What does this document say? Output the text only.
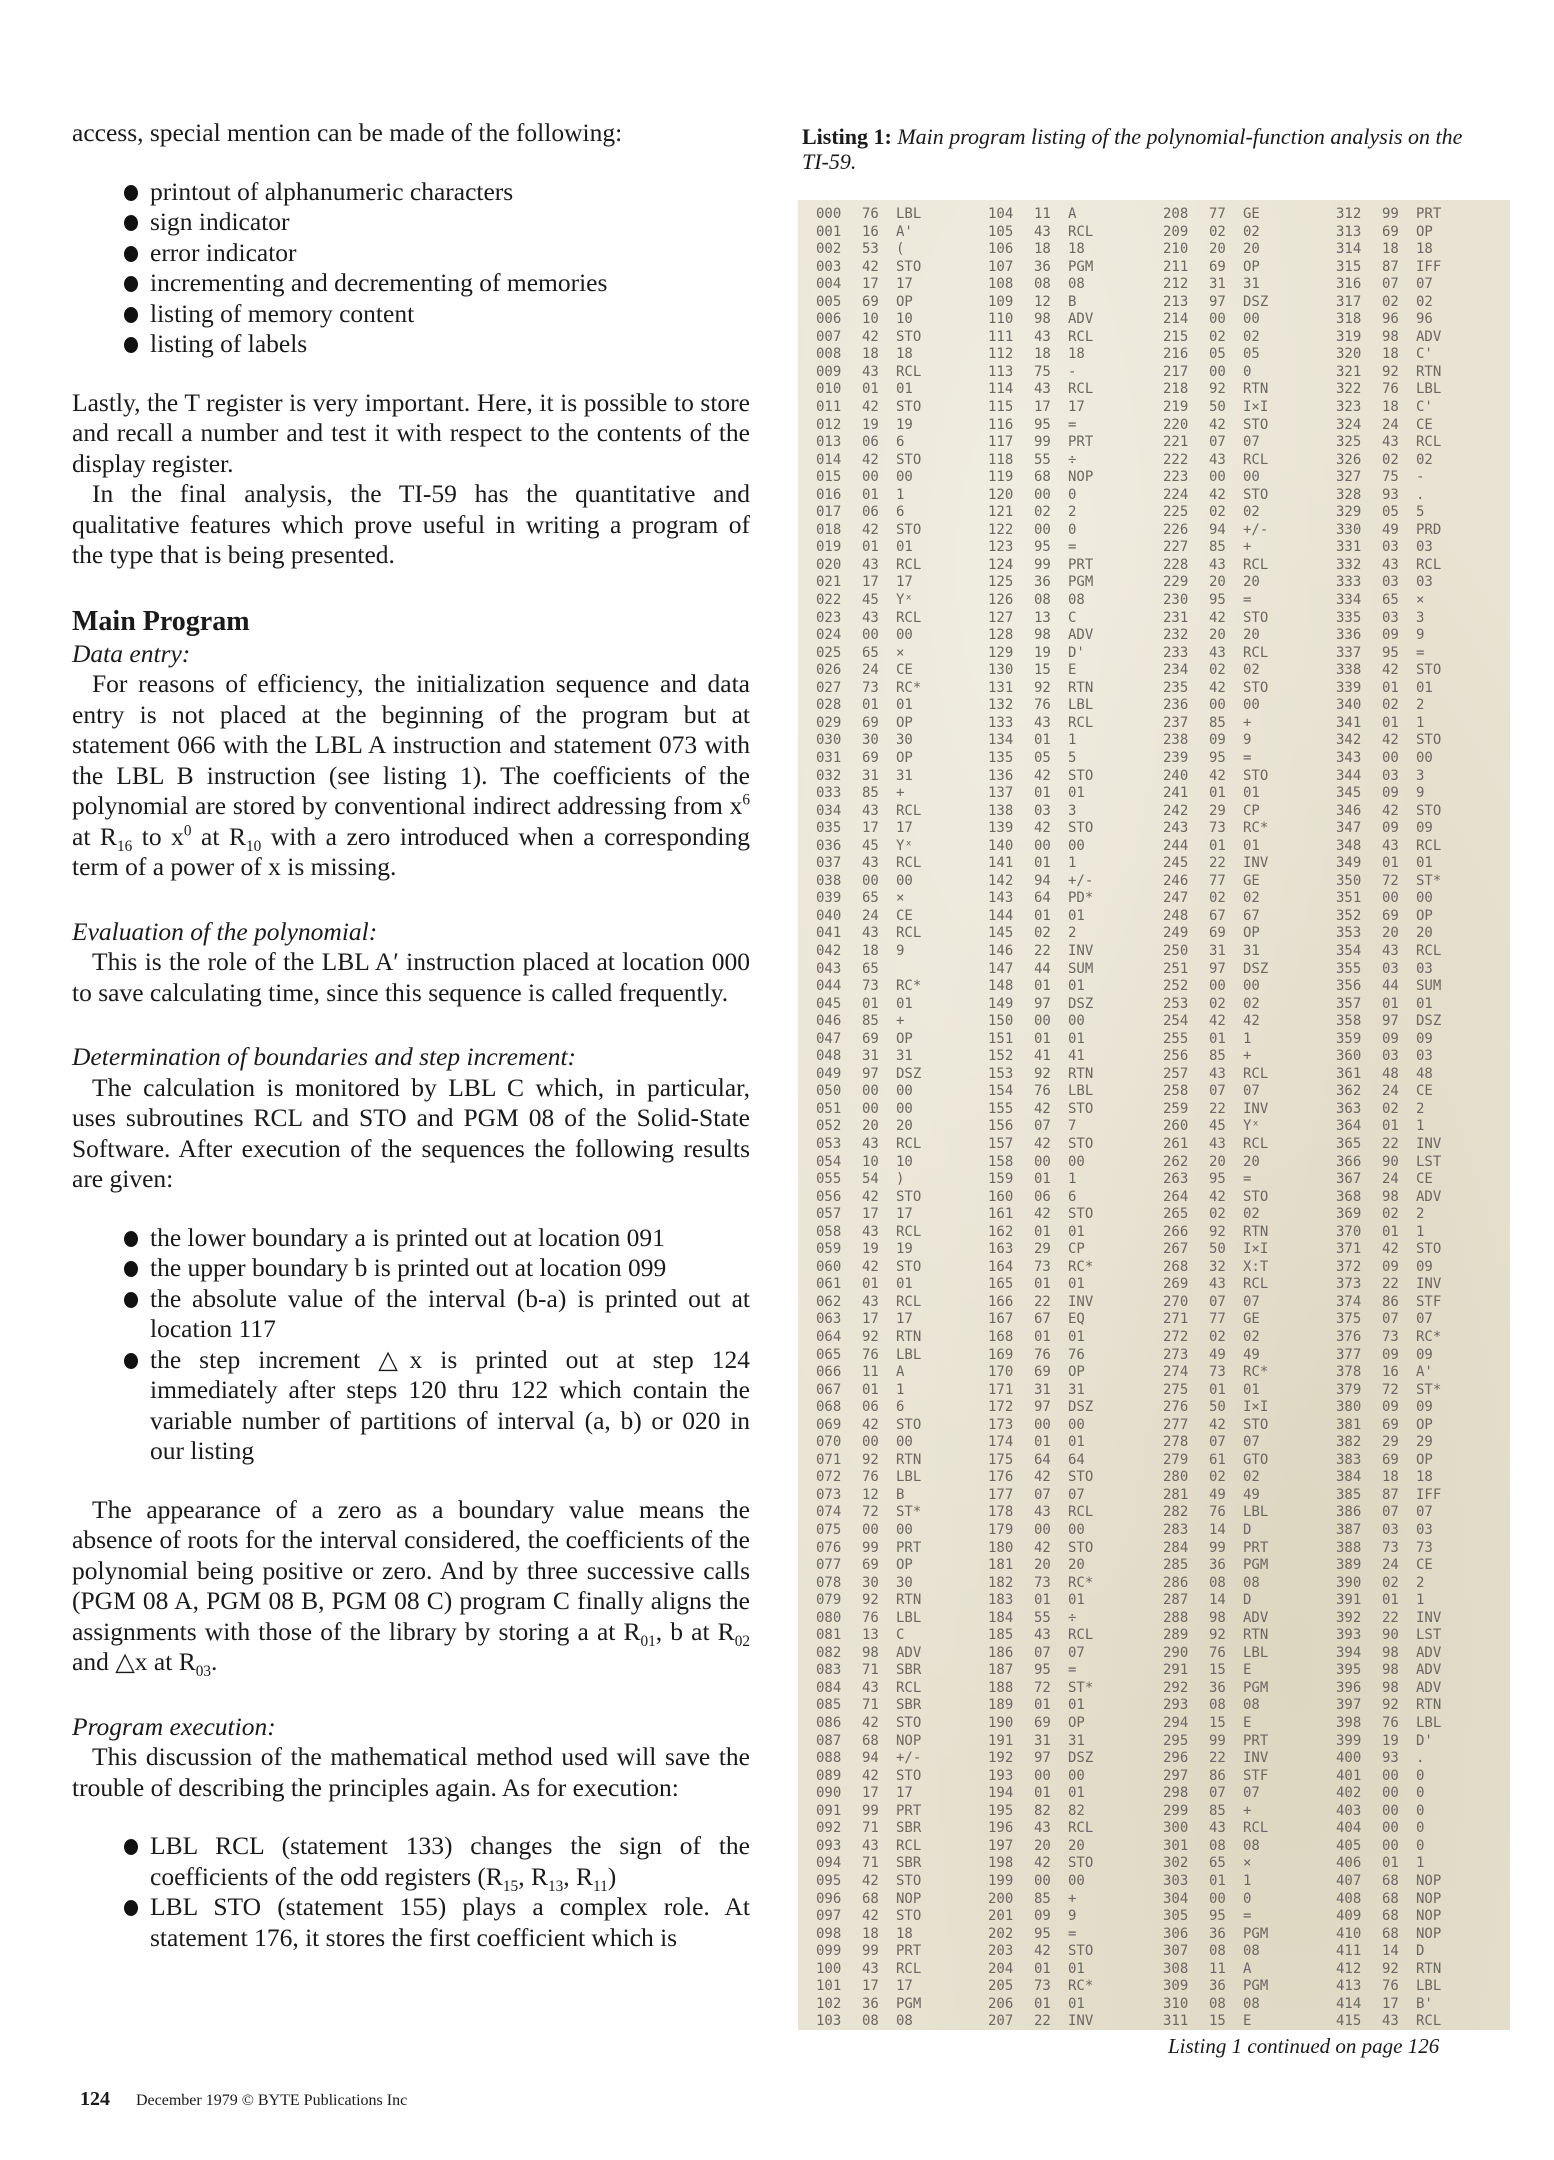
access, special mention can be made of the following:

printout of alphanumeric characters
sign indicator
error indicator
incrementing and decrementing of memories
listing of memory content
listing of labels

Lastly, the T register is very important. Here, it is possible to store and recall a number and test it with respect to the contents of the display register.

In the final analysis, the TI-59 has the quantitative and qualitative features which prove useful in writing a program of the type that is being presented.

Main Program

Data entry:

For reasons of efficiency, the initialization sequence and data entry is not placed at the beginning of the program but at statement 066 with the LBL A instruction and statement 073 with the LBL B instruction (see listing 1). The coefficients of the polynomial are stored by conventional indirect addressing from $x^6$ at $R_{16}$ to $x^0$ at $R_{10}$ with a zero introduced when a corresponding term of a power of x is missing.

Evaluation of the polynomial:

This is the role of the LBL A′ instruction placed at location 000 to save calculating time, since this sequence is called frequently.

Determination of boundaries and step increment:

The calculation is monitored by LBL C which, in particular, uses subroutines RCL and STO and PGM 08 of the Solid-State Software. After execution of the sequences the following results are given:

the lower boundary a is printed out at location 091
the upper boundary b is printed out at location 099
the absolute value of the interval (b-a) is printed out at location 117
the step increment △x is printed out at step 124 immediately after steps 120 thru 122 which contain the variable number of partitions of interval (a, b) or 020 in our listing

The appearance of a zero as a boundary value means the absence of roots for the interval considered, the coefficients of the polynomial being positive or zero. And by three successive calls (PGM 08 A, PGM 08 B, PGM 08 C) program C finally aligns the assignments with those of the library by storing a at $R_{01}$, b at $R_{02}$ and △x at $R_{03}$.

Program execution:

This discussion of the mathematical method used will save the trouble of describing the principles again. As for execution:

LBL RCL (statement 133) changes the sign of the coefficients of the odd registers ($R_{15}$, $R_{13}$, $R_{11}$)
LBL STO (statement 155) plays a complex role. At statement 176, it stores the first coefficient which is

Listing 1: Main program listing of the polynomial-function analysis on the TI-59.

000	76	LBL
001	16	A'
002	53	(
003	42	STO
004	17	17
005	69	OP
006	10	10
007	42	STO
008	18	18
009	43	RCL
010	01	01
011	42	STO
012	19	19
013	06	6
014	42	STO
015	00	00
016	01	1
017	06	6
018	42	STO
019	01	01
020	43	RCL
021	17	17
022	45	Yˣ
023	43	RCL
024	00	00
025	65	×
026	24	CE
027	73	RC*
028	01	01
029	69	OP
030	30	30
031	69	OP
032	31	31
033	85	+
034	43	RCL
035	17	17
036	45	Yˣ
037	43	RCL
038	00	00
039	65	×
040	24	CE
041	43	RCL
042	18	9
043	65
044	73	RC*
045	01	01
046	85	+
047	69	OP
048	31	31
049	97	DSZ
050	00	00
051	00	00
052	20	20
053	43	RCL
054	10	10
055	54	)
056	42	STO
057	17	17
058	43	RCL
059	19	19
060	42	STO
061	01	01
062	43	RCL
063	17	17
064	92	RTN
065	76	LBL
066	11	A
067	01	1
068	06	6
069	42	STO
070	00	00
071	92	RTN
072	76	LBL
073	12	B
074	72	ST*
075	00	00
076	99	PRT
077	69	OP
078	30	30
079	92	RTN
080	76	LBL
081	13	C
082	98	ADV
083	71	SBR
084	43	RCL
085	71	SBR
086	42	STO
087	68	NOP
088	94	+/-
089	42	STO
090	17	17
091	99	PRT
092	71	SBR
093	43	RCL
094	71	SBR
095	42	STO
096	68	NOP
097	42	STO
098	18	18
099	99	PRT
100	43	RCL
101	17	17
102	36	PGM
103	08	08
104	11	A
105	43	RCL
106	18	18
107	36	PGM
108	08	08
109	12	B
110	98	ADV
111	43	RCL
112	18	18
113	75	-
114	43	RCL
115	17	17
116	95	=
117	99	PRT
118	55	÷
119	68	NOP
120	00	0
121	02	2
122	00	0
123	95	=
124	99	PRT
125	36	PGM
126	08	08
127	13	C
128	98	ADV
129	19	D'
130	15	E
131	92	RTN
132	76	LBL
133	43	RCL
134	01	1
135	05	5
136	42	STO
137	01	01
138	03	3
139	42	STO
140	00	00
141	01	1
142	94	+/-
143	64	PD*
144	01	01
145	02	2
146	22	INV
147	44	SUM
148	01	01
149	97	DSZ
150	00	00
151	01	01
152	41	41
153	92	RTN
154	76	LBL
155	42	STO
156	07	7
157	42	STO
158	00	00
159	01	1
160	06	6
161	42	STO
162	01	01
163	29	CP
164	73	RC*
165	01	01
166	22	INV
167	67	EQ
168	01	01
169	76	76
170	69	OP
171	31	31
172	97	DSZ
173	00	00
174	01	01
175	64	64
176	42	STO
177	07	07
178	43	RCL
179	00	00
180	42	STO
181	20	20
182	73	RC*
183	01	01
184	55	÷
185	43	RCL
186	07	07
187	95	=
188	72	ST*
189	01	01
190	69	OP
191	31	31
192	97	DSZ
193	00	00
194	01	01
195	82	82
196	43	RCL
197	20	20
198	42	STO
199	00	00
200	85	+
201	09	9
202	95	=
203	42	STO
204	01	01
205	73	RC*
206	01	01
207	22	INV
208	77	GE
209	02	02
210	20	20
211	69	OP
212	31	31
213	97	DSZ
214	00	00
215	02	02
216	05	05
217	00	0
218	92	RTN
219	50	I×I
220	42	STO
221	07	07
222	43	RCL
223	00	00
224	42	STO
225	02	02
226	94	+/-
227	85	+
228	43	RCL
229	20	20
230	95	=
231	42	STO
232	20	20
233	43	RCL
234	02	02
235	42	STO
236	00	00
237	85	+
238	09	9
239	95	=
240	42	STO
241	01	01
242	29	CP
243	73	RC*
244	01	01
245	22	INV
246	77	GE
247	02	02
248	67	67
249	69	OP
250	31	31
251	97	DSZ
252	00	00
253	02	02
254	42	42
255	01	1
256	85	+
257	43	RCL
258	07	07
259	22	INV
260	45	Yˣ
261	43	RCL
262	20	20
263	95	=
264	42	STO
265	02	02
266	92	RTN
267	50	I×I
268	32	X:T
269	43	RCL
270	07	07
271	77	GE
272	02	02
273	49	49
274	73	RC*
275	01	01
276	50	I×I
277	42	STO
278	07	07
279	61	GTO
280	02	02
281	49	49
282	76	LBL
283	14	D
284	99	PRT
285	36	PGM
286	08	08
287	14	D
288	98	ADV
289	92	RTN
290	76	LBL
291	15	E
292	36	PGM
293	08	08
294	15	E
295	99	PRT
296	22	INV
297	86	STF
298	07	07
299	85	+
300	43	RCL
301	08	08
302	65	×
303	01	1
304	00	0
305	95	=
306	36	PGM
307	08	08
308	11	A
309	36	PGM
310	08	08
311	15	E
312	99	PRT
313	69	OP
314	18	18
315	87	IFF
316	07	07
317	02	02
318	96	96
319	98	ADV
320	18	C'
321	92	RTN
322	76	LBL
323	18	C'
324	24	CE
325	43	RCL
326	02	02
327	75	-
328	93	.
329	05	5
330	49	PRD
331	03	03
332	43	RCL
333	03	03
334	65	×
335	03	3
336	09	9
337	95	=
338	42	STO
339	01	01
340	02	2
341	01	1
342	42	STO
343	00	00
344	03	3
345	09	9
346	42	STO
347	09	09
348	43	RCL
349	01	01
350	72	ST*
351	00	00
352	69	OP
353	20	20
354	43	RCL
355	03	03
356	44	SUM
357	01	01
358	97	DSZ
359	09	09
360	03	03
361	48	48
362	24	CE
363	02	2
364	01	1
365	22	INV
366	90	LST
367	24	CE
368	98	ADV
369	02	2
370	01	1
371	42	STO
372	09	09
373	22	INV
374	86	STF
375	07	07
376	73	RC*
377	09	09
378	16	A'
379	72	ST*
380	09	09
381	69	OP
382	29	29
383	69	OP
384	18	18
385	87	IFF
386	07	07
387	03	03
388	73	73
389	24	CE
390	02	2
391	01	1
392	22	INV
393	90	LST
394	98	ADV
395	98	ADV
396	98	ADV
397	92	RTN
398	76	LBL
399	19	D'
400	93	.
401	00	0
402	00	0
403	00	0
404	00	0
405	00	0
406	01	1
407	68	NOP
408	68	NOP
409	68	NOP
410	68	NOP
411	14	D
412	92	RTN
413	76	LBL
414	17	B'
415	43	RCL
Listing 1 continued on page 126
124 December 1979 © BYTE Publications Inc
